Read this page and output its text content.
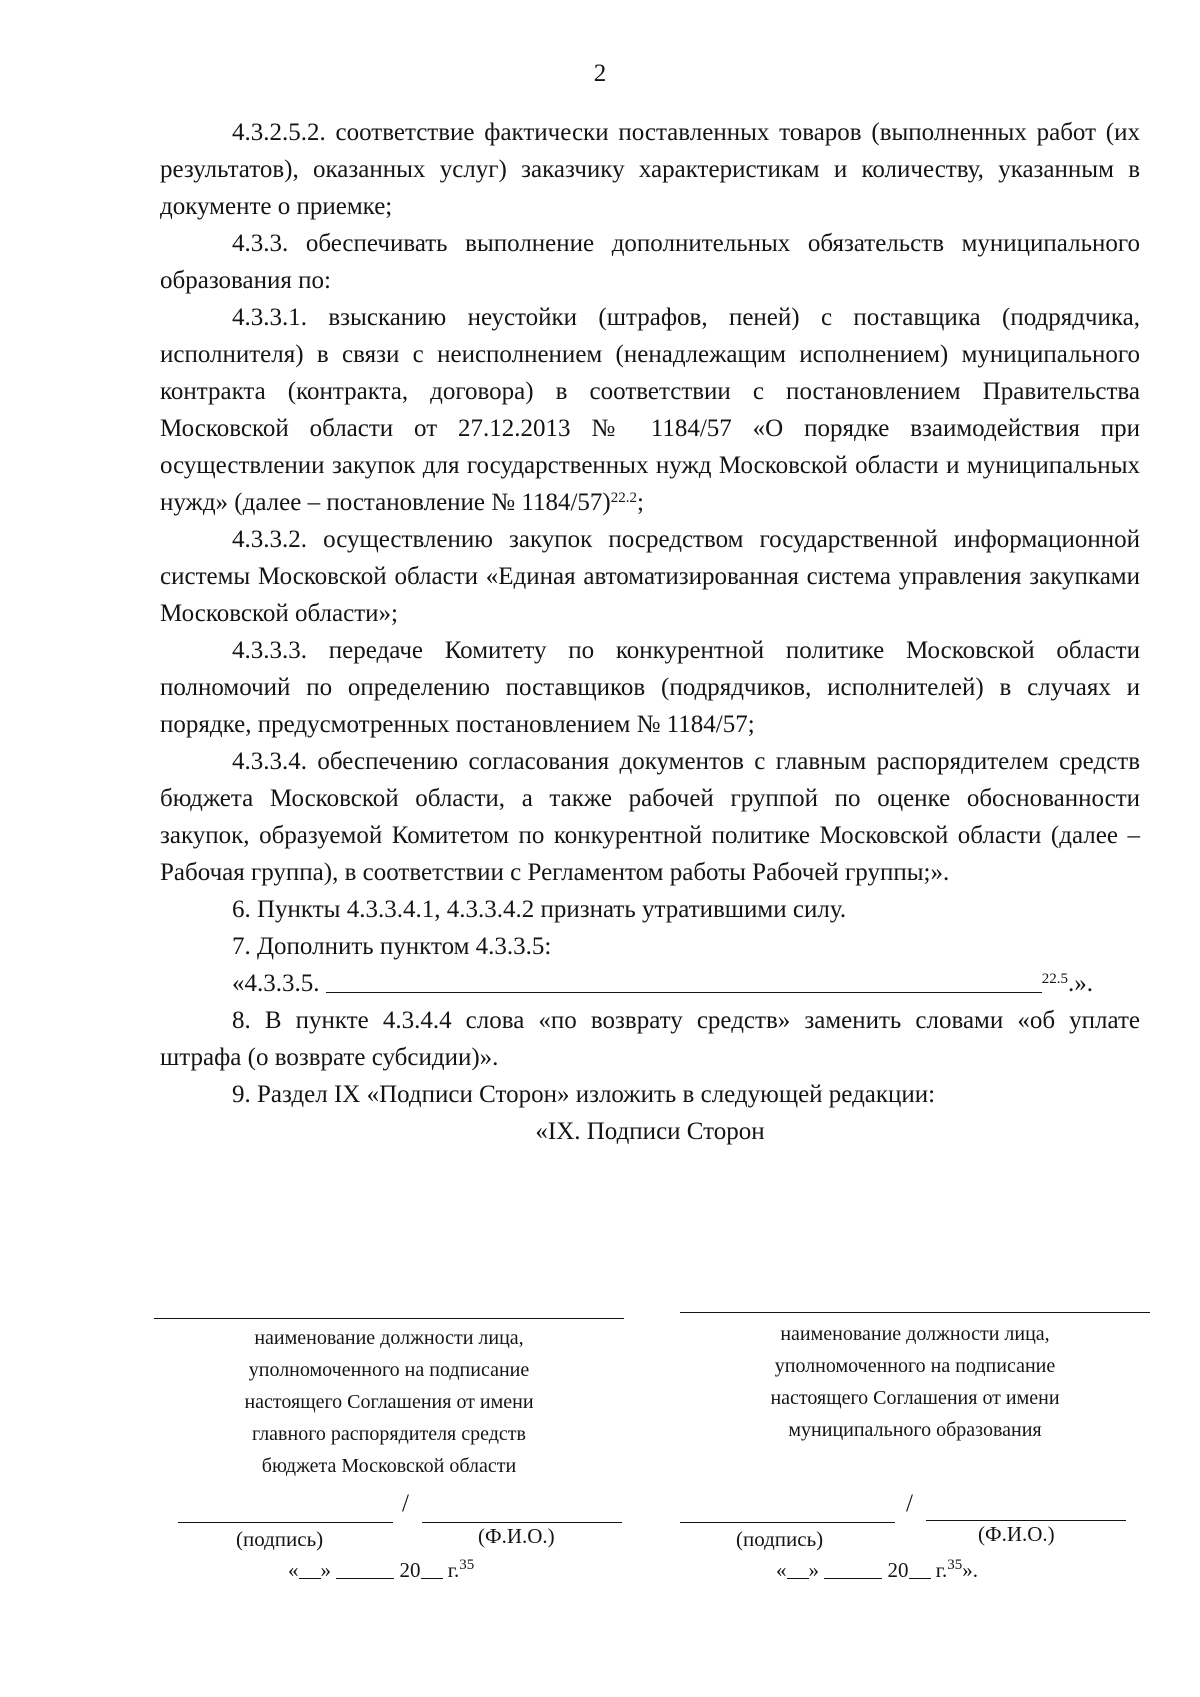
2

4.3.2.5.2. соответствие фактически поставленных товаров (выполненных работ (их результатов), оказанных услуг) заказчику характеристикам и количеству, указанным в документе о приемке;

4.3.3. обеспечивать выполнение дополнительных обязательств муниципального образования по:

4.3.3.1. взысканию неустойки (штрафов, пеней) с поставщика (подрядчика, исполнителя) в связи с неисполнением (ненадлежащим исполнением) муниципального контракта (контракта, договора) в соответствии с постановлением Правительства Московской области от 27.12.2013 № 1184/57 «О порядке взаимодействия при осуществлении закупок для государственных нужд Московской области и муниципальных нужд» (далее – постановление № 1184/57)$^{22.2}$;

4.3.3.2. осуществлению закупок посредством государственной информационной системы Московской области «Единая автоматизированная система управления закупками Московской области»;

4.3.3.3. передаче Комитету по конкурентной политике Московской области полномочий по определению поставщиков (подрядчиков, исполнителей) в случаях и порядке, предусмотренных постановлением № 1184/57;

4.3.3.4. обеспечению согласования документов с главным распорядителем средств бюджета Московской области, а также рабочей группой по оценке обоснованности закупок, образуемой Комитетом по конкурентной политике Московской области (далее – Рабочая группа), в соответствии с Регламентом работы Рабочей группы;».

6. Пункты 4.3.3.4.1, 4.3.3.4.2 признать утратившими силу.

7. Дополнить пунктом 4.3.3.5:

«4.3.3.5.	$^{22.5}$.».

8. В пункте 4.3.4.4 слова «по возврату средств» заменить словами «об уплате штрафа (о возврате субсидии)».

9. Раздел IX «Подписи Сторон» изложить в следующей редакции:

«IX. Подписи Сторон

наименование должности лица,
уполномоченного на подписание
настоящего Соглашения от имени
главного распорядителя средств
бюджета Московской области
/
(подпись)	(Ф.И.О.)
« »	20 г.$^{35}$
наименование должности лица,
уполномоченного на подписание
настоящего Соглашения от имени
муниципального образования
/
(подпись)	(Ф.И.О.)
« »	20 г.$^{35}$».
